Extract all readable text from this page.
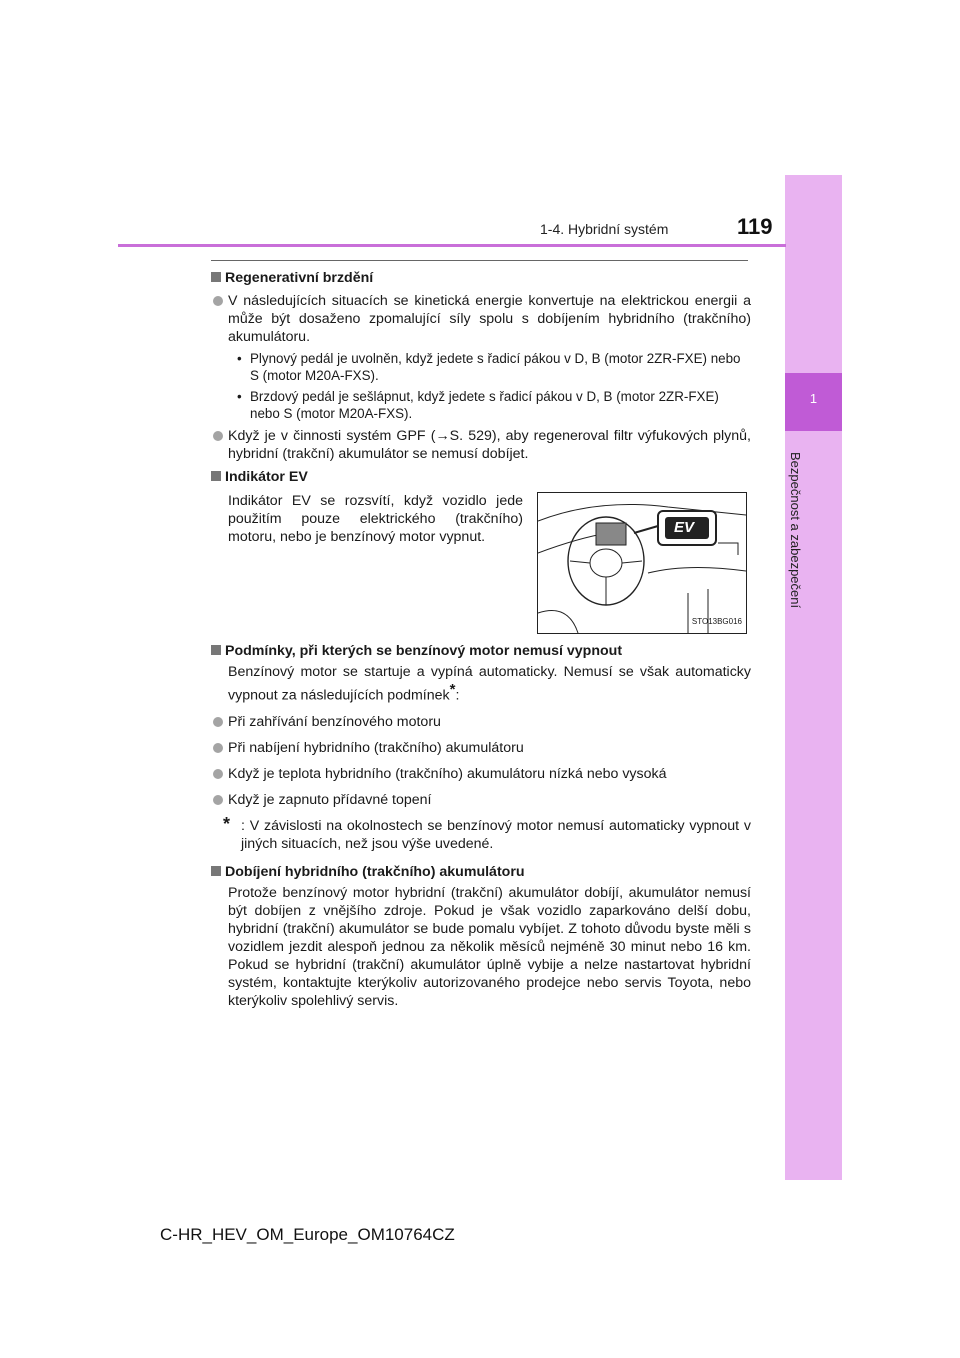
1
Bezpečnost a zabezpečení
1-4. Hybridní systém	119
Regenerativní brzdění
V následujících situacích se kinetická energie konvertuje na elektrickou energii a může být dosaženo zpomalující síly spolu s dobíjením hybridního (trakčního) akumulátoru.
• Plynový pedál je uvolněn, když jedete s řadicí pákou v D, B (motor 2ZR-FXE) nebo S (motor M20A-FXS).
• Brzdový pedál je sešlápnut, když jedete s řadicí pákou v D, B (motor 2ZR-FXE) nebo S (motor M20A-FXS).
Když je v činnosti systém GPF (→S. 529), aby regeneroval filtr výfukových plynů, hybridní (trakční) akumulátor se nemusí dobíjet.
Indikátor EV
Indikátor EV se rozsvítí, když vozidlo jede použitím pouze elektrického (trakčního) motoru, nebo je benzínový motor vypnut.
EV
STO13BG016
Podmínky, při kterých se benzínový motor nemusí vypnout
Benzínový motor se startuje a vypíná automaticky. Nemusí se však automaticky vypnout za následujících podmínek*:
Při zahřívání benzínového motoru
Při nabíjení hybridního (trakčního) akumulátoru
Když je teplota hybridního (trakčního) akumulátoru nízká nebo vysoká
Když je zapnuto přídavné topení
* : V závislosti na okolnostech se benzínový motor nemusí automaticky vypnout v jiných situacích, než jsou výše uvedené.
Dobíjení hybridního (trakčního) akumulátoru
Protože benzínový motor hybridní (trakční) akumulátor dobíjí, akumulátor nemusí být dobíjen z vnějšího zdroje. Pokud je však vozidlo zaparkováno delší dobu, hybridní (trakční) akumulátor se bude pomalu vybíjet. Z tohoto důvodu byste měli s vozidlem jezdit alespoň jednou za několik měsíců nejméně 30 minut nebo 16 km. Pokud se hybridní (trakční) akumulátor úplně vybije a nelze nastartovat hybridní systém, kontaktujte kterýkoliv autorizovaného prodejce nebo servis Toyota, nebo kterýkoliv spolehlivý servis.
C-HR_HEV_OM_Europe_OM10764CZ
